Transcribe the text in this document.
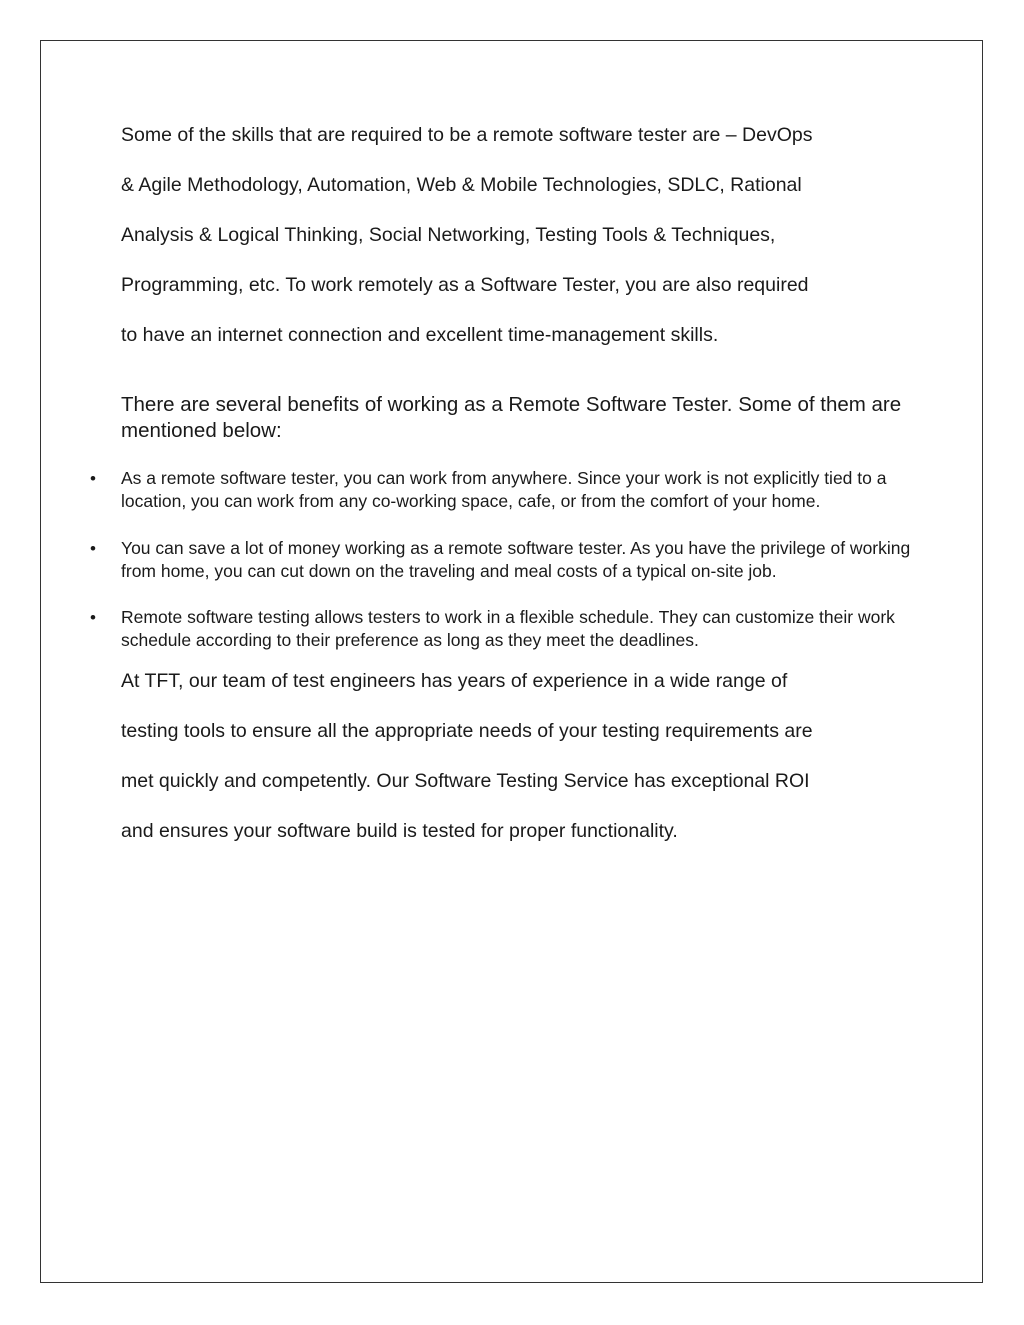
Some of the skills that are required to be a remote software tester are – DevOps

& Agile Methodology, Automation, Web & Mobile Technologies, SDLC, Rational

Analysis & Logical Thinking, Social Networking, Testing Tools & Techniques,

Programming, etc. To work remotely as a Software Tester, you are also required

to have an internet connection and excellent time-management skills.

There are several benefits of working as a Remote Software Tester. Some of them are mentioned below:

• As a remote software tester, you can work from anywhere. Since your work is not explicitly tied to a location, you can work from any co-working space, cafe, or from the comfort of your home.
• You can save a lot of money working as a remote software tester. As you have the privilege of working from home, you can cut down on the traveling and meal costs of a typical on-site job.
• Remote software testing allows testers to work in a flexible schedule. They can customize their work schedule according to their preference as long as they meet the deadlines.

At TFT, our team of test engineers has years of experience in a wide range of

testing tools to ensure all the appropriate needs of your testing requirements are

met quickly and competently. Our Software Testing Service has exceptional ROI

and ensures your software build is tested for proper functionality.
